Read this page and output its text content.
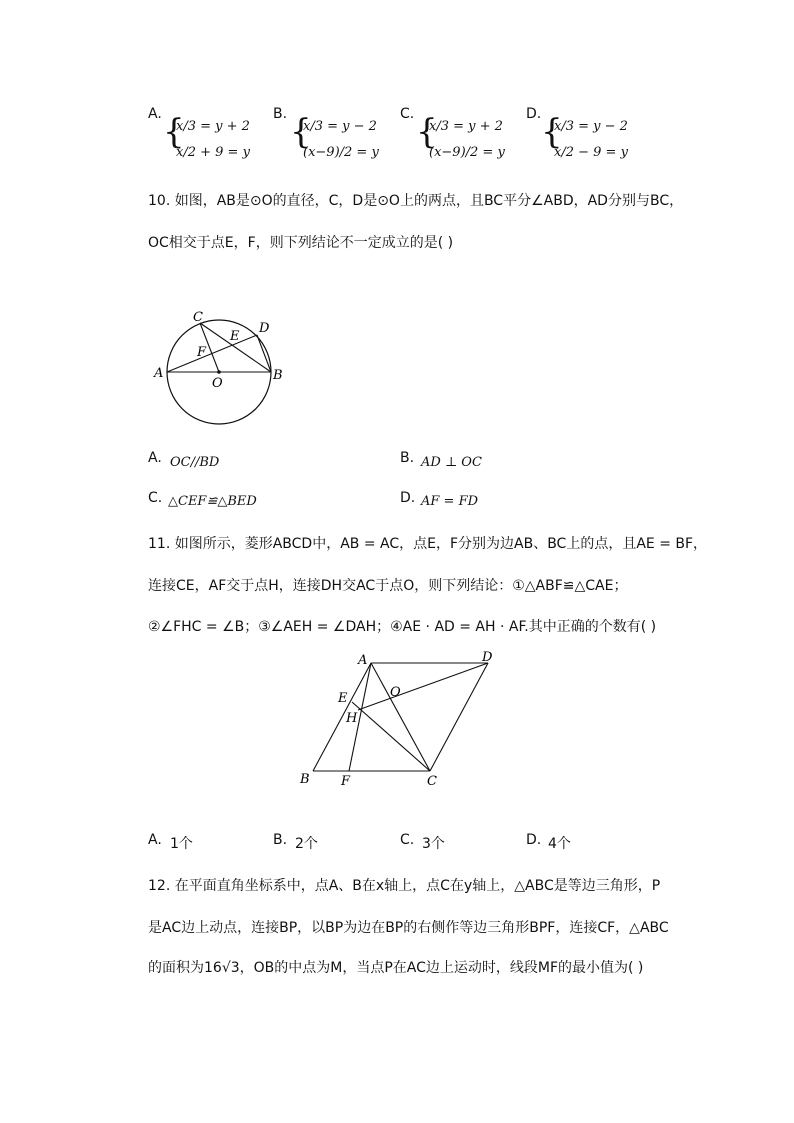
A. {
x/3 = y + 2
x/2 + 9 = y
B. {
x/3 = y − 2
(x−9)/2 = y
C. {
x/3 = y + 2
(x−9)/2 = y
D. {
x/3 = y − 2
x/2 − 9 = y
10. 如图，AB是⊙O的直径，C，D是⊙O上的两点，且BC平分∠ABD，AD分别与BC，
OC相交于点E，F，则下列结论不一定成立的是( )
C
D
E
F
A
O
B
A. OC//BD	B. AD ⊥ OC
C. △CEF≌△BED	D. AF = FD
11. 如图所示，菱形ABCD中，AB = AC，点E，F分别为边AB、BC上的点，且AE = BF，
连接CE，AF交于点H，连接DH交AC于点O，则下列结论：①△ABF≌△CAE；
②∠FHC = ∠B；③∠AEH = ∠DAH；④AE · AD = AH · AF.其中正确的个数有( )
A	D
E	O
H
B F	C
A. 1个	B. 2个	C. 3个	D. 4个
12. 在平面直角坐标系中，点A、B在x轴上，点C在y轴上，△ABC是等边三角形，P
是AC边上动点，连接BP，以BP为边在BP的右侧作等边三角形BPF，连接CF，△ABC
的面积为16√3，OB的中点为M，当点P在AC边上运动时，线段MF的最小值为( )
